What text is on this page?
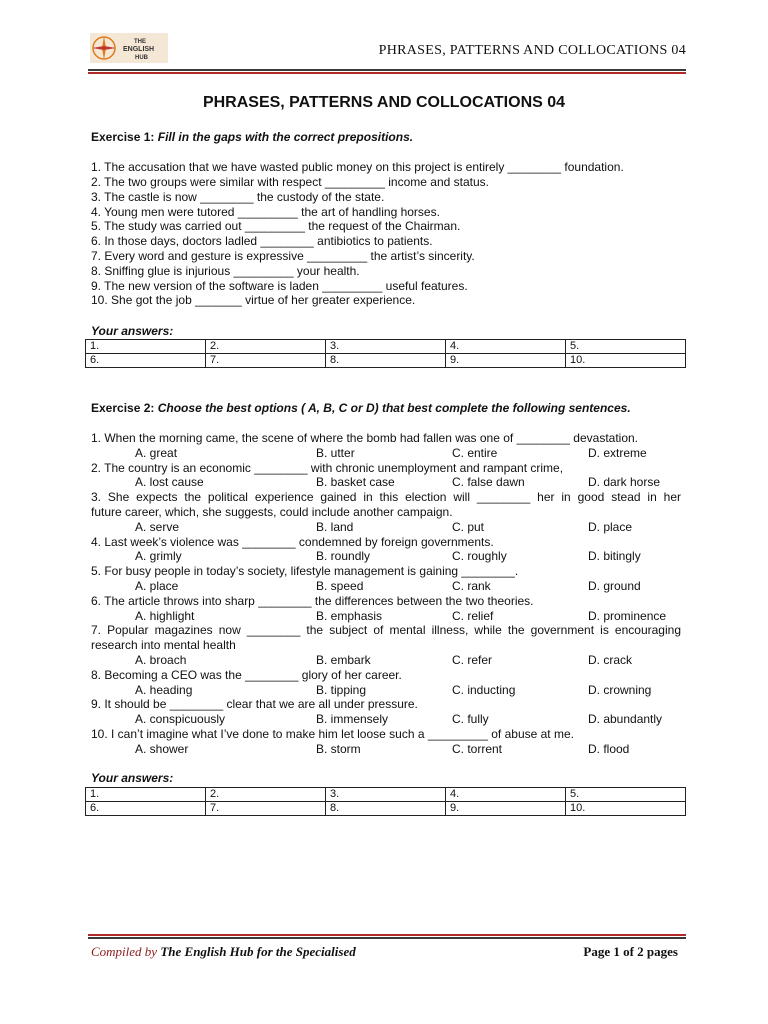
THE
ENGLISH
HUB	PHRASES, PATTERNS AND COLLOCATIONS 04
PHRASES, PATTERNS AND COLLOCATIONS 04
Exercise 1: Fill in the gaps with the correct prepositions.
1. The accusation that we have wasted public money on this project is entirely ________ foundation.
2. The two groups were similar with respect _________ income and status.
3. The castle is now ________ the custody of the state.
4. Young men were tutored _________ the art of handling horses.
5. The study was carried out _________ the request of the Chairman.
6. In those days, doctors ladled ________ antibiotics to patients.
7. Every word and gesture is expressive _________ the artist’s sincerity.
8. Sniffing glue is injurious _________ your health.
9. The new version of the software is laden _________ useful features.
10. She got the job _______ virtue of her greater experience.
Your answers:
1.	2.	3.	4.	5.
6.	7.	8.	9.	10.
Exercise 2: Choose the best options ( A, B, C or D) that best complete the following sentences.
1. When the morning came, the scene of where the bomb had fallen was one of ________ devastation.
A. great	B. utter	C. entire	D. extreme
2. The country is an economic ________ with chronic unemployment and rampant crime,
A. lost cause	B. basket case	C. false dawn	D. dark horse
3. She expects the political experience gained in this election will ________ her in good stead in her
future career, which, she suggests, could include another campaign.
A. serve	B. land	C. put	D. place
4. Last week’s violence was ________ condemned by foreign governments.
A. grimly	B. roundly	C. roughly	D. bitingly
5. For busy people in today’s society, lifestyle management is gaining ________.
A. place	B. speed	C. rank	D. ground
6. The article throws into sharp ________ the differences between the two theories.
A. highlight	B. emphasis	C. relief	D. prominence
7. Popular magazines now ________ the subject of mental illness, while the government is encouraging
research into mental health
A. broach	B. embark	C. refer	D. crack
8. Becoming a CEO was the ________ glory of her career.
A. heading	B. tipping	C. inducting	D. crowning
9. It should be ________ clear that we are all under pressure.
A. conspicuously	B. immensely	C. fully	D. abundantly
10. I can’t imagine what I’ve done to make him let loose such a _________ of abuse at me.
A. shower	B. storm	C. torrent	D. flood
Your answers:
1.	2.	3.	4.	5.
6.	7.	8.	9.	10.
Compiled by The English Hub for the Specialised	Page 1 of 2 pages
